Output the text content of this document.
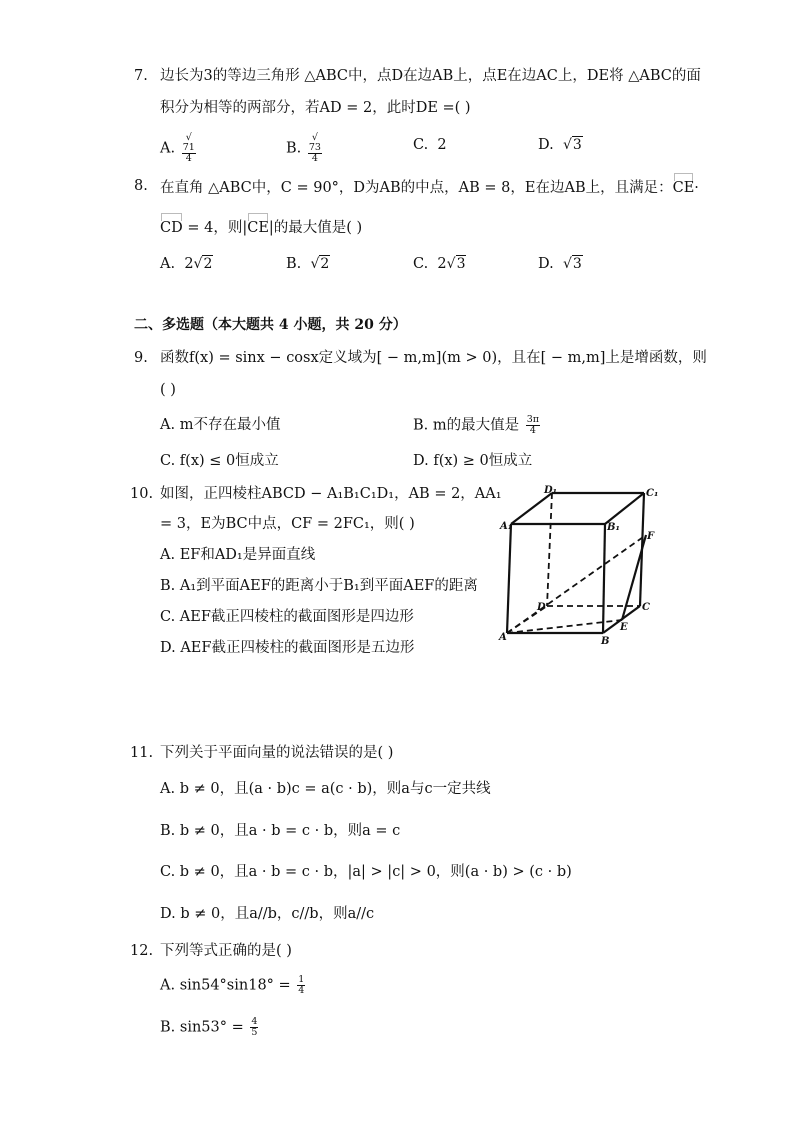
7. 边长为3的等边三角形 △ABC中，点D在边AB上，点E在边AC上，DE将 △ABC的面
积分为相等的两部分，若AD = 2，此时DE =( )
A. √
71
4	B. √
73
4	C. 2	D. √3
8. 在直角 △ABC中，C = 90°，D为AB的中点，AB = 8，E在边AB上，且满足：CE·
CD = 4，则|CE|的最大值是( )
A. 2√2	B. √2	C. 2√3	D. √3
二、多选题（本大题共 4 小题，共 20 分）
9. 函数f(x) = sinx − cosx定义域为[ − m,m](m > 0)，且在[ − m,m]上是增函数，则
( )
A. m不存在最小值	B. m的最大值是 $\frac{3\pi}{4}$
C. f(x) ≤ 0恒成立	D. f(x) ≥ 0恒成立
10. 如图，正四棱柱ABCD − A₁B₁C₁D₁，AB = 2，AA₁
= 3，E为BC中点，CF = 2FC₁，则( )
A. EF和AD₁是异面直线
B. A₁到平面AEF的距离小于B₁到平面AEF的距离
C. AEF截正四棱柱的截面图形是四边形
D. AEF截正四棱柱的截面图形是五边形
D₁	C₁
A₁	B₁
F
D	C
A	B
E
11. 下列关于平面向量的说法错误的是( )
A. b ≠ 0，且(a · b)c = a(c · b)，则a与c一定共线
B. b ≠ 0，且a · b = c · b，则a = c
C. b ≠ 0，且a · b = c · b，|a| > |c| > 0，则(a · b) > (c · b)
D. b ≠ 0，且a//b，c//b，则a//c
12. 下列等式正确的是( )
A. $\sin 54^\circ\sin 18^\circ = \frac{1}{4}$
B. $\sin 53^\circ = \frac{4}{5}$
